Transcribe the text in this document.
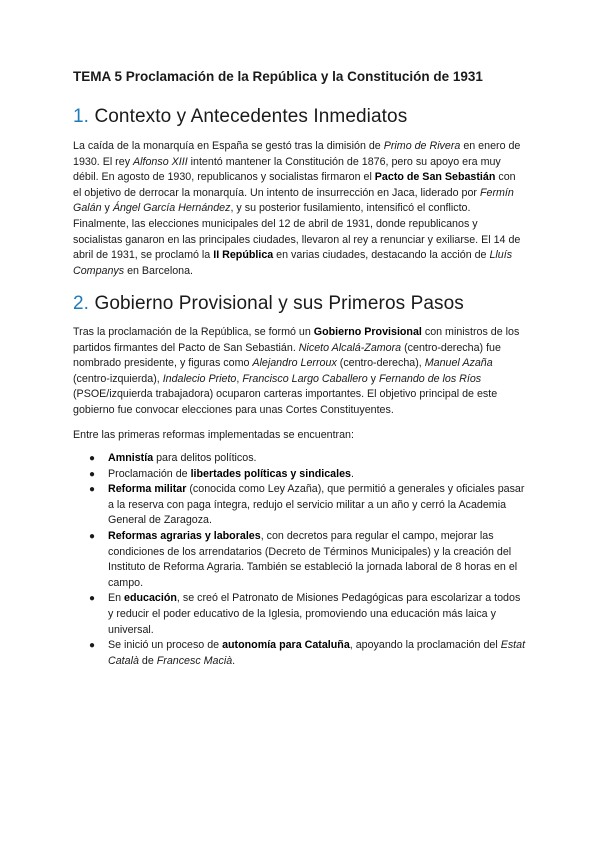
TEMA 5 Proclamación de la República y la Constitución de 1931
1. Contexto y Antecedentes Inmediatos
La caída de la monarquía en España se gestó tras la dimisión de Primo de Rivera en enero de 1930. El rey Alfonso XIII intentó mantener la Constitución de 1876, pero su apoyo era muy débil. En agosto de 1930, republicanos y socialistas firmaron el Pacto de San Sebastián con el objetivo de derrocar la monarquía. Un intento de insurrección en Jaca, liderado por Fermín Galán y Ángel García Hernández, y su posterior fusilamiento, intensificó el conflicto. Finalmente, las elecciones municipales del 12 de abril de 1931, donde republicanos y socialistas ganaron en las principales ciudades, llevaron al rey a renunciar y exiliarse. El 14 de abril de 1931, se proclamó la II República en varias ciudades, destacando la acción de Lluís Companys en Barcelona.
2. Gobierno Provisional y sus Primeros Pasos
Tras la proclamación de la República, se formó un Gobierno Provisional con ministros de los partidos firmantes del Pacto de San Sebastián. Niceto Alcalá-Zamora (centro-derecha) fue nombrado presidente, y figuras como Alejandro Lerroux (centro-derecha), Manuel Azaña (centro-izquierda), Indalecio Prieto, Francisco Largo Caballero y Fernando de los Ríos (PSOE/izquierda trabajadora) ocuparon carteras importantes. El objetivo principal de este gobierno fue convocar elecciones para unas Cortes Constituyentes.
Entre las primeras reformas implementadas se encuentran:
● Amnistía para delitos políticos.
● Proclamación de libertades políticas y sindicales.
● Reforma militar (conocida como Ley Azaña), que permitió a generales y oficiales pasar a la reserva con paga íntegra, redujo el servicio militar a un año y cerró la Academia General de Zaragoza.
● Reformas agrarias y laborales, con decretos para regular el campo, mejorar las condiciones de los arrendatarios (Decreto de Términos Municipales) y la creación del Instituto de Reforma Agraria. También se estableció la jornada laboral de 8 horas en el campo.
● En educación, se creó el Patronato de Misiones Pedagógicas para escolarizar a todos y reducir el poder educativo de la Iglesia, promoviendo una educación más laica y universal.
● Se inició un proceso de autonomía para Cataluña, apoyando la proclamación del Estat Català de Francesc Macià.
